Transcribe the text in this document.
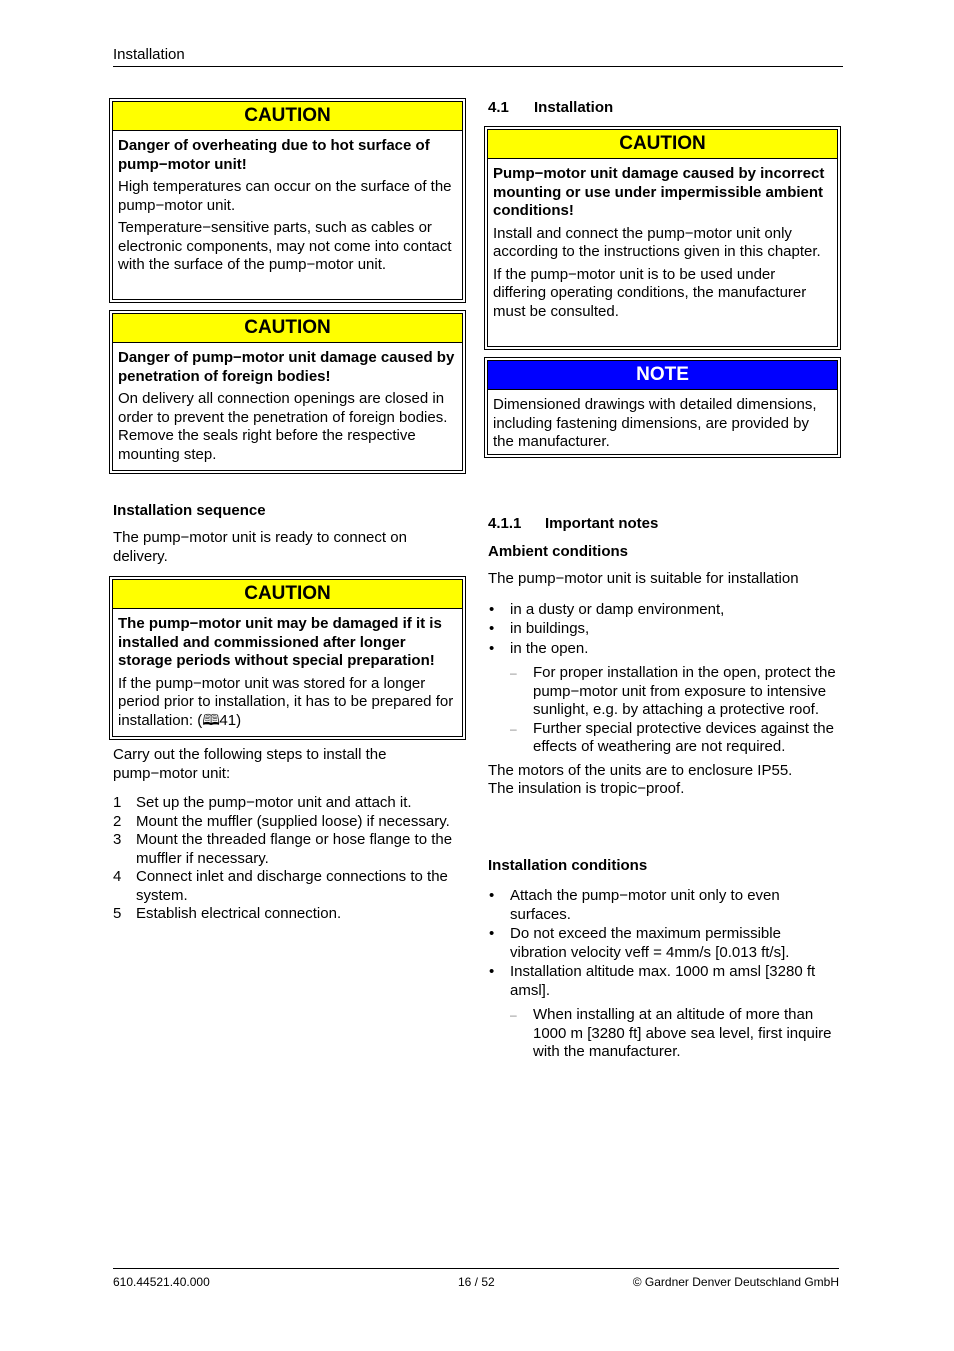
Installation
CAUTION

Danger of overheating due to hot surface of pump−motor unit!

High temperatures can occur on the surface of the pump−motor unit.

Temperature−sensitive parts, such as cables or electronic components, may not come into contact with the surface of the pump−motor unit.

CAUTION

Danger of pump−motor unit damage caused by penetration of foreign bodies!

On delivery all connection openings are closed in order to prevent the penetration of foreign bodies. Remove the seals right before the respective mounting step.

Installation sequence

The pump−motor unit is ready to connect on delivery.

CAUTION

The pump−motor unit may be damaged if it is installed and commissioned after longer storage periods without special preparation!

If the pump−motor unit was stored for a longer period prior to installation, it has to be prepared for installation: (🕮 41)

Carry out the following steps to install the pump−motor unit:

1 Set up the pump−motor unit and attach it.
2 Mount the muffler (supplied loose) if necessary.
3 Mount the threaded flange or hose flange to the muffler if necessary.
4 Connect inlet and discharge connections to the system.
5 Establish electrical connection.
4.1 Installation
CAUTION

Pump−motor unit damage caused by incorrect mounting or use under impermissible ambient conditions!

Install and connect the pump−motor unit only according to the instructions given in this chapter.

If the pump−motor unit is to be used under differing operating conditions, the manufacturer must be consulted.

NOTE

Dimensioned drawings with detailed dimensions, including fastening dimensions, are provided by the manufacturer.

4.1.1 Important notes
Ambient conditions

The pump−motor unit is suitable for installation

• in a dusty or damp environment,
• in buildings,
• in the open.
– For proper installation in the open, protect the pump−motor unit from exposure to intensive sunlight, e.g. by attaching a protective roof.
– Further special protective devices against the effects of weathering are not required.

The motors of the units are to enclosure IP55.

The insulation is tropic−proof.

Installation conditions
• Attach the pump−motor unit only to even surfaces.
• Do not exceed the maximum permissible vibration velocity veff = 4mm/s [0.013 ft/s].
• Installation altitude max. 1000 m amsl [3280 ft amsl].
– When installing at an altitude of more than 1000 m [3280 ft] above sea level, first inquire with the manufacturer.
610.44521.40.000	16 / 52	© Gardner Denver Deutschland GmbH
